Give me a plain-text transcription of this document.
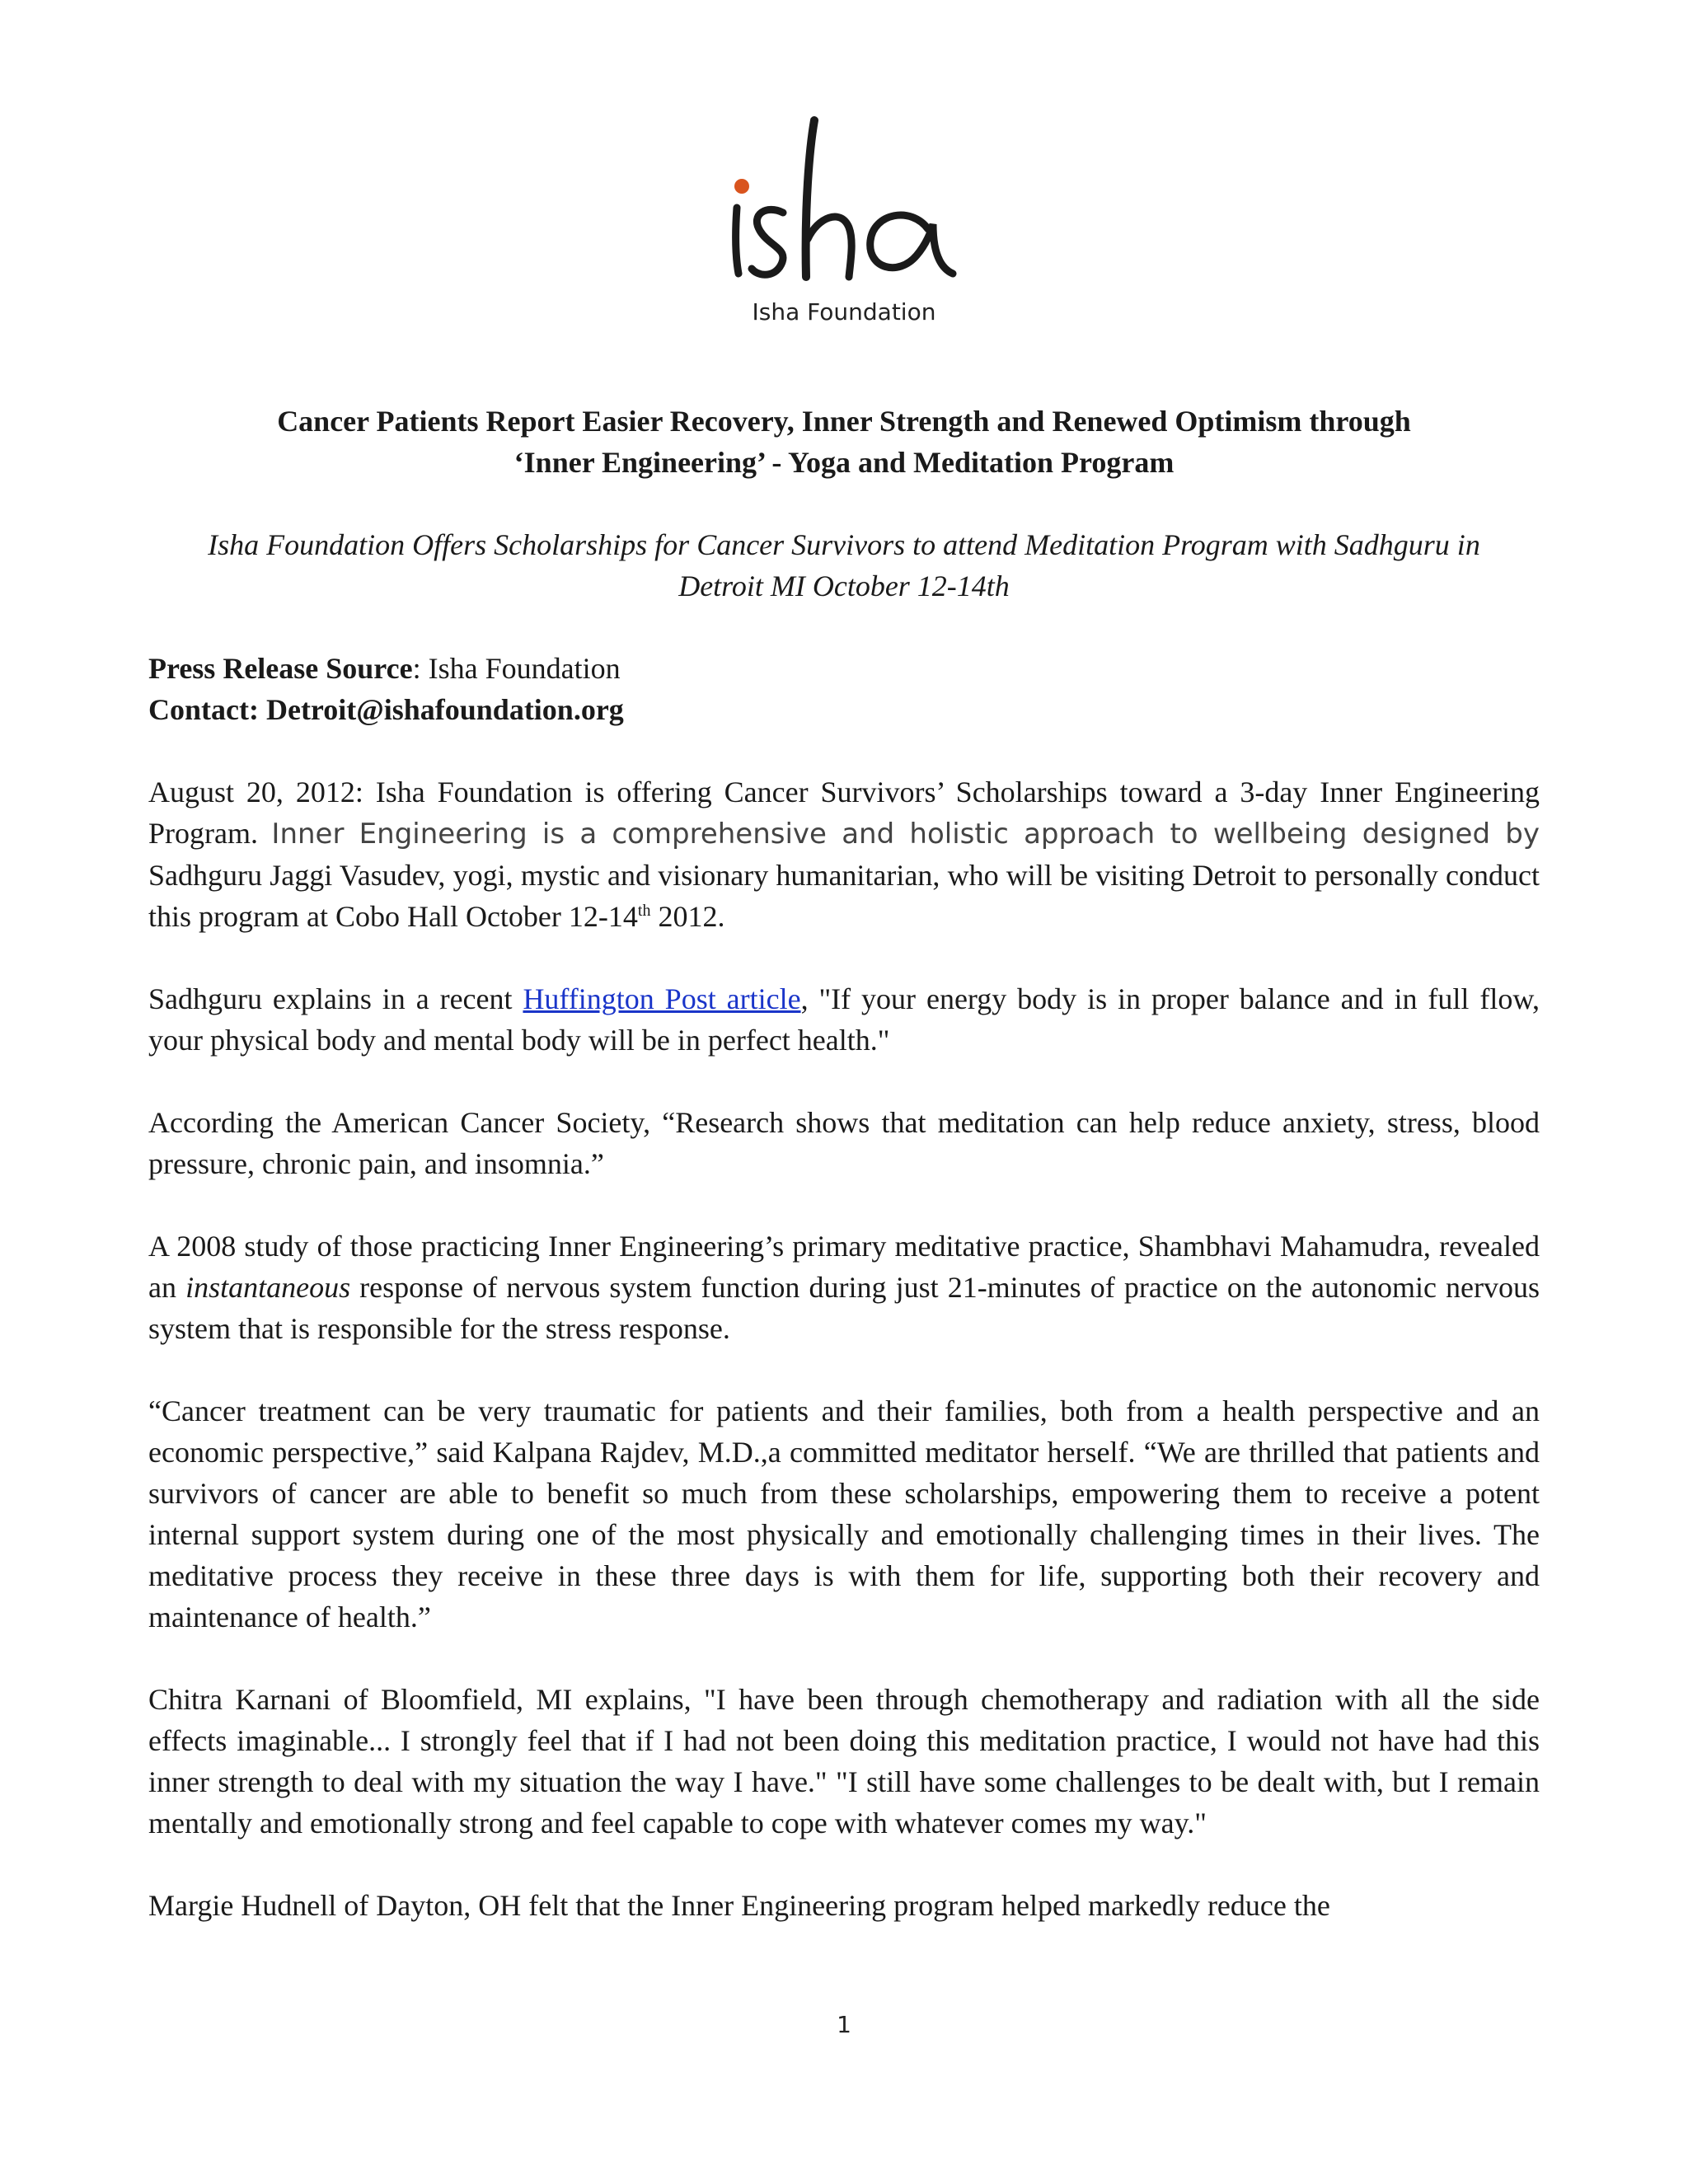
Isha Foundation
Cancer Patients Report Easier Recovery, Inner Strength and Renewed Optimism through
‘Inner Engineering’ - Yoga and Meditation Program
Isha Foundation Offers Scholarships for Cancer Survivors to attend Meditation Program with Sadhguru in
Detroit MI October 12-14th
Press Release Source: Isha Foundation
Contact: Detroit@ishafoundation.org

August 20, 2012: Isha Foundation is offering Cancer Survivors’ Scholarships toward a 3-day Inner Engineering Program. Inner Engineering is a comprehensive and holistic approach to wellbeing designed by Sadhguru Jaggi Vasudev, yogi, mystic and visionary humanitarian, who will be visiting Detroit to personally conduct this program at Cobo Hall October 12-14th 2012.

Sadhguru explains in a recent Huffington Post article, "If your energy body is in proper balance and in full flow, your physical body and mental body will be in perfect health."

According the American Cancer Society, “Research shows that meditation can help reduce anxiety, stress, blood pressure, chronic pain, and insomnia.”

A 2008 study of those practicing Inner Engineering’s primary meditative practice, Shambhavi Mahamudra, revealed an instantaneous response of nervous system function during just 21-minutes of practice on the autonomic nervous system that is responsible for the stress response.

“Cancer treatment can be very traumatic for patients and their families, both from a health perspective and an economic perspective,” said Kalpana Rajdev, M.D.,a committed meditator herself. “We are thrilled that patients and survivors of cancer are able to benefit so much from these scholarships, empowering them to receive a potent internal support system during one of the most physically and emotionally challenging times in their lives. The meditative process they receive in these three days is with them for life, supporting both their recovery and maintenance of health.”

Chitra Karnani of Bloomfield, MI explains, "I have been through chemotherapy and radiation with all the side effects imaginable... I strongly feel that if I had not been doing this meditation practice, I would not have had this inner strength to deal with my situation the way I have." "I still have some challenges to be dealt with, but I remain mentally and emotionally strong and feel capable to cope with whatever comes my way."

Margie Hudnell of Dayton, OH felt that the Inner Engineering program helped markedly reduce the

1
